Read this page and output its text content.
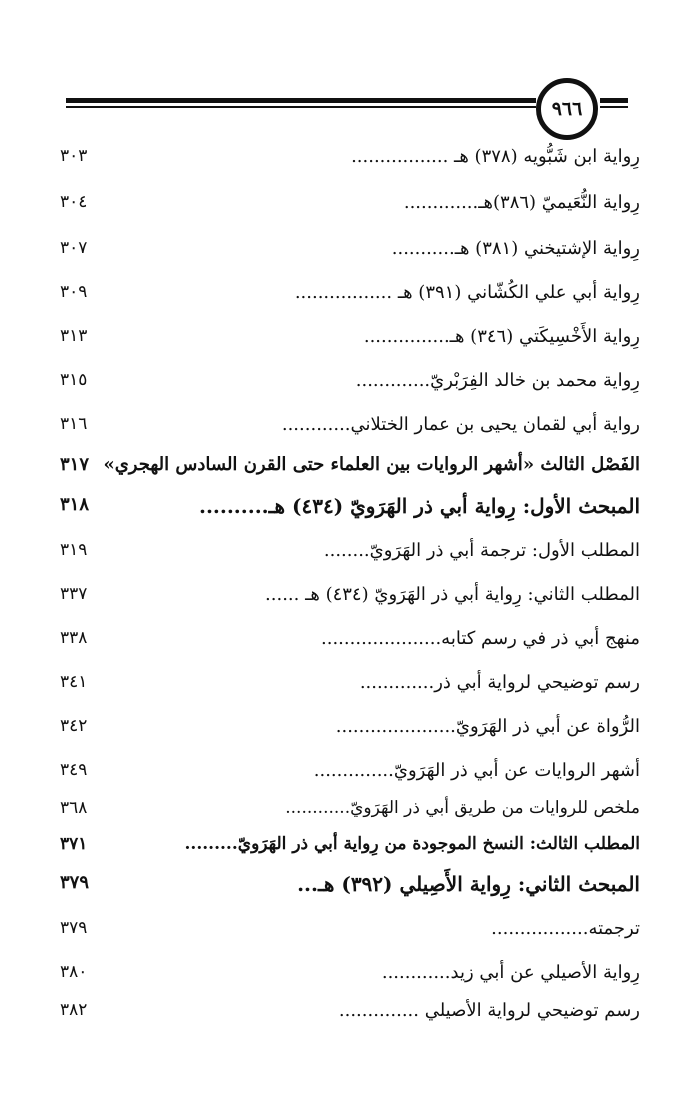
٩٦٦
رِواية ابن شَبُّويه (٣٧٨) هـ .................
٣٠٣
رِواية النُّعَيميّ (٣٨٦)هـ.............
٣٠٤
رِواية الإشتيخني (٣٨١) هـ...........
٣٠٧
رِواية أبي علي الكُشّاني (٣٩١) هـ .................
٣٠٩
رِواية الأَخْسِيكَتي (٣٤٦) هـ...............
٣١٣
رِواية محمد بن خالد الفِرَبْريّ.............
٣١٥
رواية أبي لقمان يحيى بن عمار الختلاني............
٣١٦
الفَصْل الثالث «أشهر الروايات بين العلماء حتى القرن السادس الهجري»
٣١٧
المبحث الأول: رِواية أبي ذر الهَرَويّ (٤٣٤) هـ..........
٣١٨
المطلب الأول: ترجمة أبي ذر الهَرَويّ........
٣١٩
المطلب الثاني: رِواية أبي ذر الهَرَويّ (٤٣٤) هـ ......
٣٣٧
منهج أبي ذر في رسم كتابه.....................
٣٣٨
رسم توضيحي لرواية أبي ذر.............
٣٤١
الرُّواة عن أبي ذر الهَرَويّ.....................
٣٤٢
أشهر الروايات عن أبي ذر الهَرَويّ..............
٣٤٩
ملخص للروايات من طريق أبي ذر الهَرَويّ............
٣٦٨
المطلب الثالث: النسخ الموجودة من رِواية أبي ذر الهَرَويّ.........
٣٧١
المبحث الثاني: رِواية الأَصِيلي (٣٩٢) هـ...
٣٧٩
ترجمته.................
٣٧٩
رِواية الأصيلي عن أبي زيد............
٣٨٠
رسم توضيحي لرواية الأصيلي ..............
٣٨٢
